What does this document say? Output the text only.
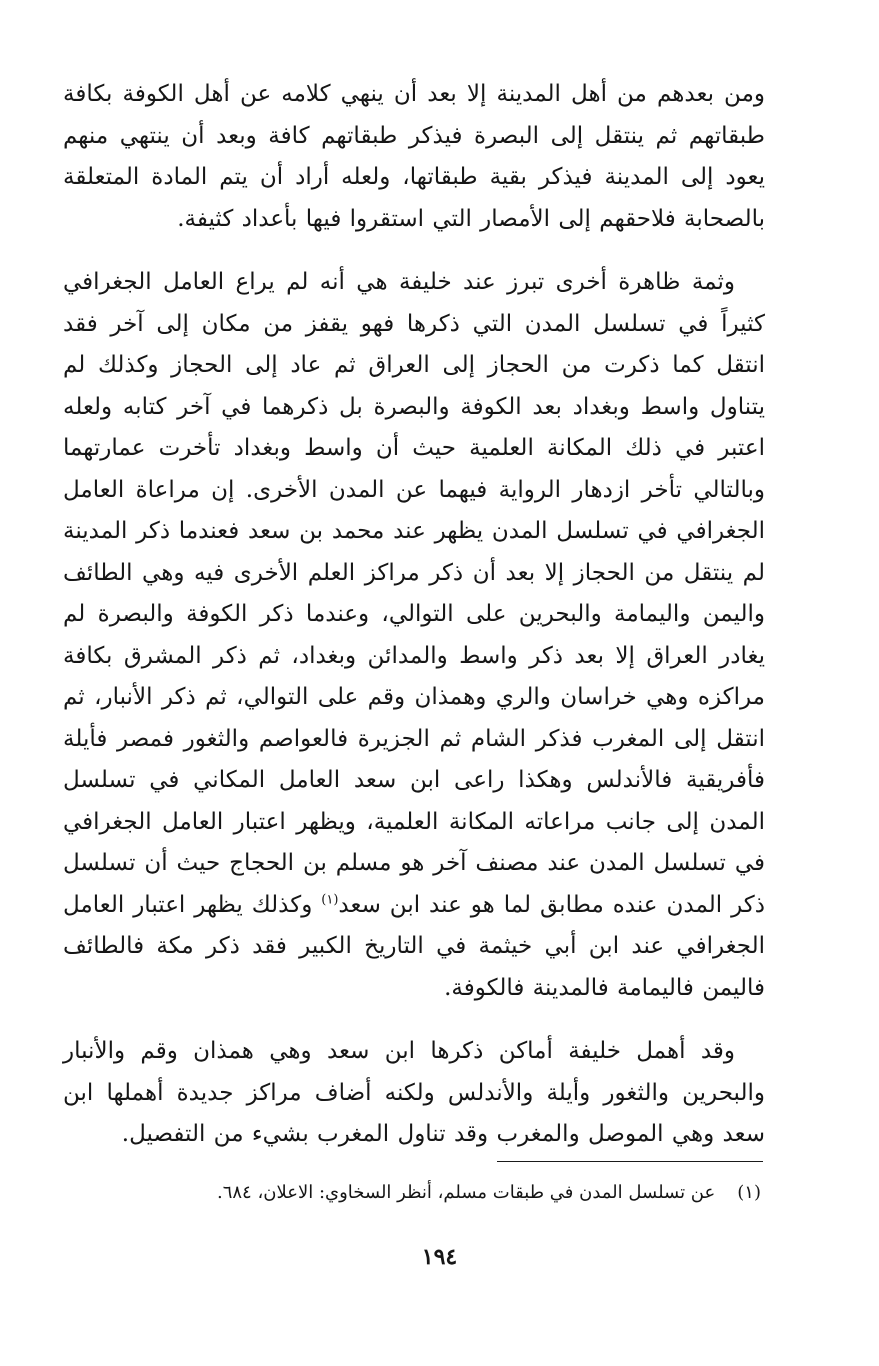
ومن بعدهم من أهل المدينة إلا بعد أن ينهي كلامه عن أهل الكوفة بكافة طبقاتهم ثم ينتقل إلى البصرة فيذكر طبقاتهم كافة وبعد أن ينتهي منهم يعود إلى المدينة فيذكر بقية طبقاتها، ولعله أراد أن يتم المادة المتعلقة بالصحابة فلاحقهم إلى الأمصار التي استقروا فيها بأعداد كثيفة.

وثمة ظاهرة أخرى تبرز عند خليفة هي أنه لم يراع العامل الجغرافي كثيراً في تسلسل المدن التي ذكرها فهو يقفز من مكان إلى آخر فقد انتقل كما ذكرت من الحجاز إلى العراق ثم عاد إلى الحجاز وكذلك لم يتناول واسط وبغداد بعد الكوفة والبصرة بل ذكرهما في آخر كتابه ولعله اعتبر في ذلك المكانة العلمية حيث أن واسط وبغداد تأخرت عمارتهما وبالتالي تأخر ازدهار الرواية فيهما عن المدن الأخرى. إن مراعاة العامل الجغرافي في تسلسل المدن يظهر عند محمد بن سعد فعندما ذكر المدينة لم ينتقل من الحجاز إلا بعد أن ذكر مراكز العلم الأخرى فيه وهي الطائف واليمن واليمامة والبحرين على التوالي، وعندما ذكر الكوفة والبصرة لم يغادر العراق إلا بعد ذكر واسط والمدائن وبغداد، ثم ذكر المشرق بكافة مراكزه وهي خراسان والري وهمذان وقم على التوالي، ثم ذكر الأنبار، ثم انتقل إلى المغرب فذكر الشام ثم الجزيرة فالعواصم والثغور فمصر فأيلة فأفريقية فالأندلس وهكذا راعى ابن سعد العامل المكاني في تسلسل المدن إلى جانب مراعاته المكانة العلمية، ويظهر اعتبار العامل الجغرافي في تسلسل المدن عند مصنف آخر هو مسلم بن الحجاج حيث أن تسلسل ذكر المدن عنده مطابق لما هو عند ابن سعد$^{(١)}$ وكذلك يظهر اعتبار العامل الجغرافي عند ابن أبي خيثمة في التاريخ الكبير فقد ذكر مكة فالطائف فاليمن فاليمامة فالمدينة فالكوفة.

وقد أهمل خليفة أماكن ذكرها ابن سعد وهي همذان وقم والأنبار والبحرين والثغور وأيلة والأندلس ولكنه أضاف مراكز جديدة أهملها ابن سعد وهي الموصل والمغرب وقد تناول المغرب بشيء من التفصيل.

(١)عن تسلسل المدن في طبقات مسلم، أنظر السخاوي: الاعلان، ٦٨٤.
١٩٤
